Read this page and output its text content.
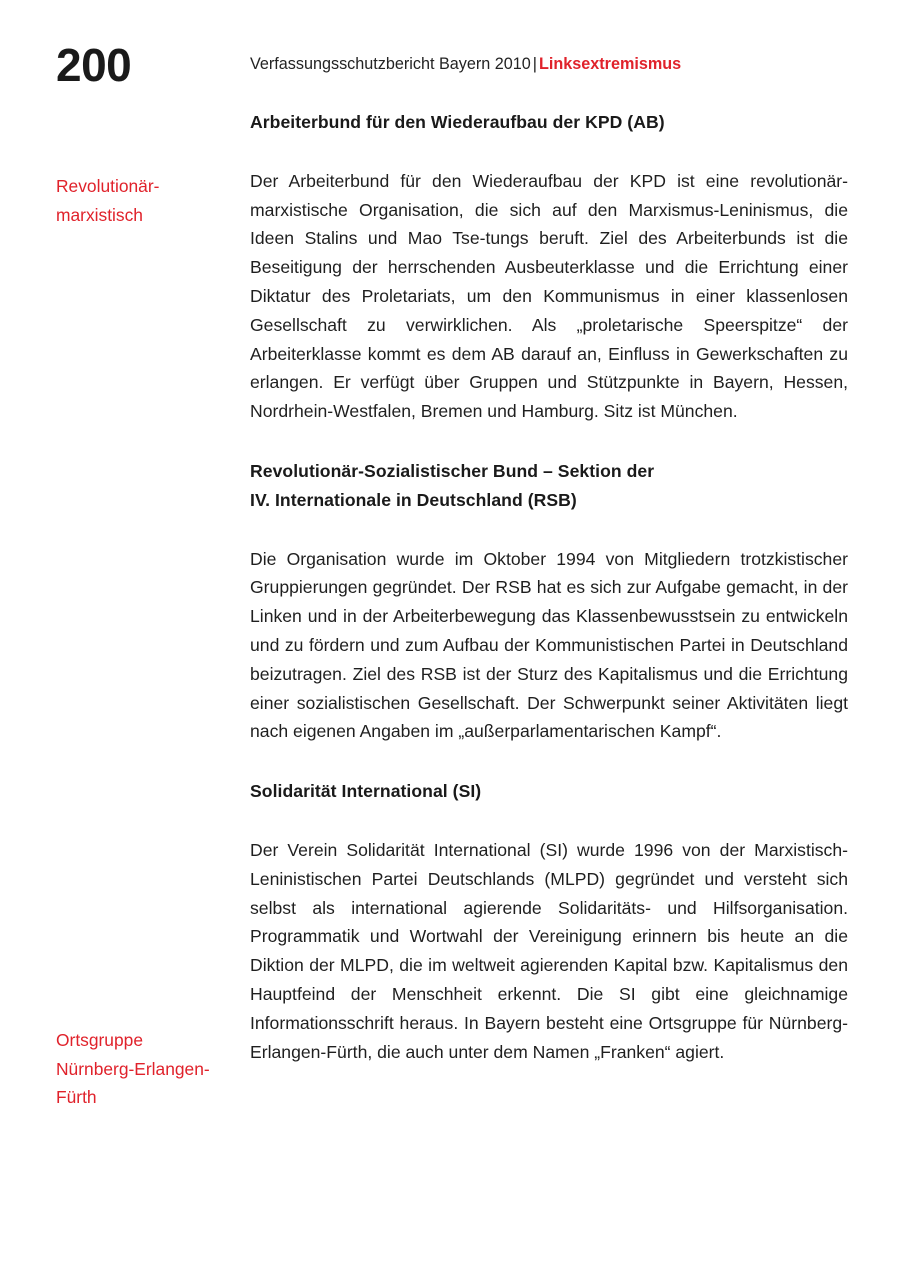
200	Verfassungsschutzbericht Bayern 2010 | Linksextremismus
Revolutionär-
marxistisch
Ortsgruppe
Nürnberg-Erlangen-
Fürth
Arbeiterbund für den Wiederaufbau der KPD (AB)

Der Arbeiterbund für den Wiederaufbau der KPD ist eine revolutionär-marxistische Organisation, die sich auf den Marxismus-Leninismus, die Ideen Stalins und Mao Tse-tungs beruft. Ziel des Arbeiterbunds ist die Beseitigung der herrschenden Ausbeuterklasse und die Errichtung einer Diktatur des Proletariats, um den Kommunismus in einer klassenlosen Gesellschaft zu verwirklichen. Als „proletarische Speerspitze“ der Arbeiterklasse kommt es dem AB darauf an, Einfluss in Gewerkschaften zu erlangen. Er verfügt über Gruppen und Stützpunkte in Bayern, Hessen, Nordrhein-Westfalen, Bremen und Hamburg. Sitz ist München.

Revolutionär-Sozialistischer Bund – Sektion der
IV. Internationale in Deutschland (RSB)

Die Organisation wurde im Oktober 1994 von Mitgliedern trotzkistischer Gruppierungen gegründet. Der RSB hat es sich zur Aufgabe gemacht, in der Linken und in der Arbeiterbewegung das Klassenbewusstsein zu entwickeln und zu fördern und zum Aufbau der Kommunistischen Partei in Deutschland beizutragen. Ziel des RSB ist der Sturz des Kapitalismus und die Errichtung einer sozialistischen Gesellschaft. Der Schwerpunkt seiner Aktivitäten liegt nach eigenen Angaben im „außerparlamentarischen Kampf“.

Solidarität International (SI)

Der Verein Solidarität International (SI) wurde 1996 von der Marxistisch-Leninistischen Partei Deutschlands (MLPD) gegründet und versteht sich selbst als international agierende Solidaritäts- und Hilfsorganisation. Programmatik und Wortwahl der Vereinigung erinnern bis heute an die Diktion der MLPD, die im weltweit agierenden Kapital bzw. Kapitalismus den Hauptfeind der Menschheit erkennt. Die SI gibt eine gleichnamige Informationsschrift heraus. In Bayern besteht eine Ortsgruppe für Nürnberg-Erlangen-Fürth, die auch unter dem Namen „Franken“ agiert.
